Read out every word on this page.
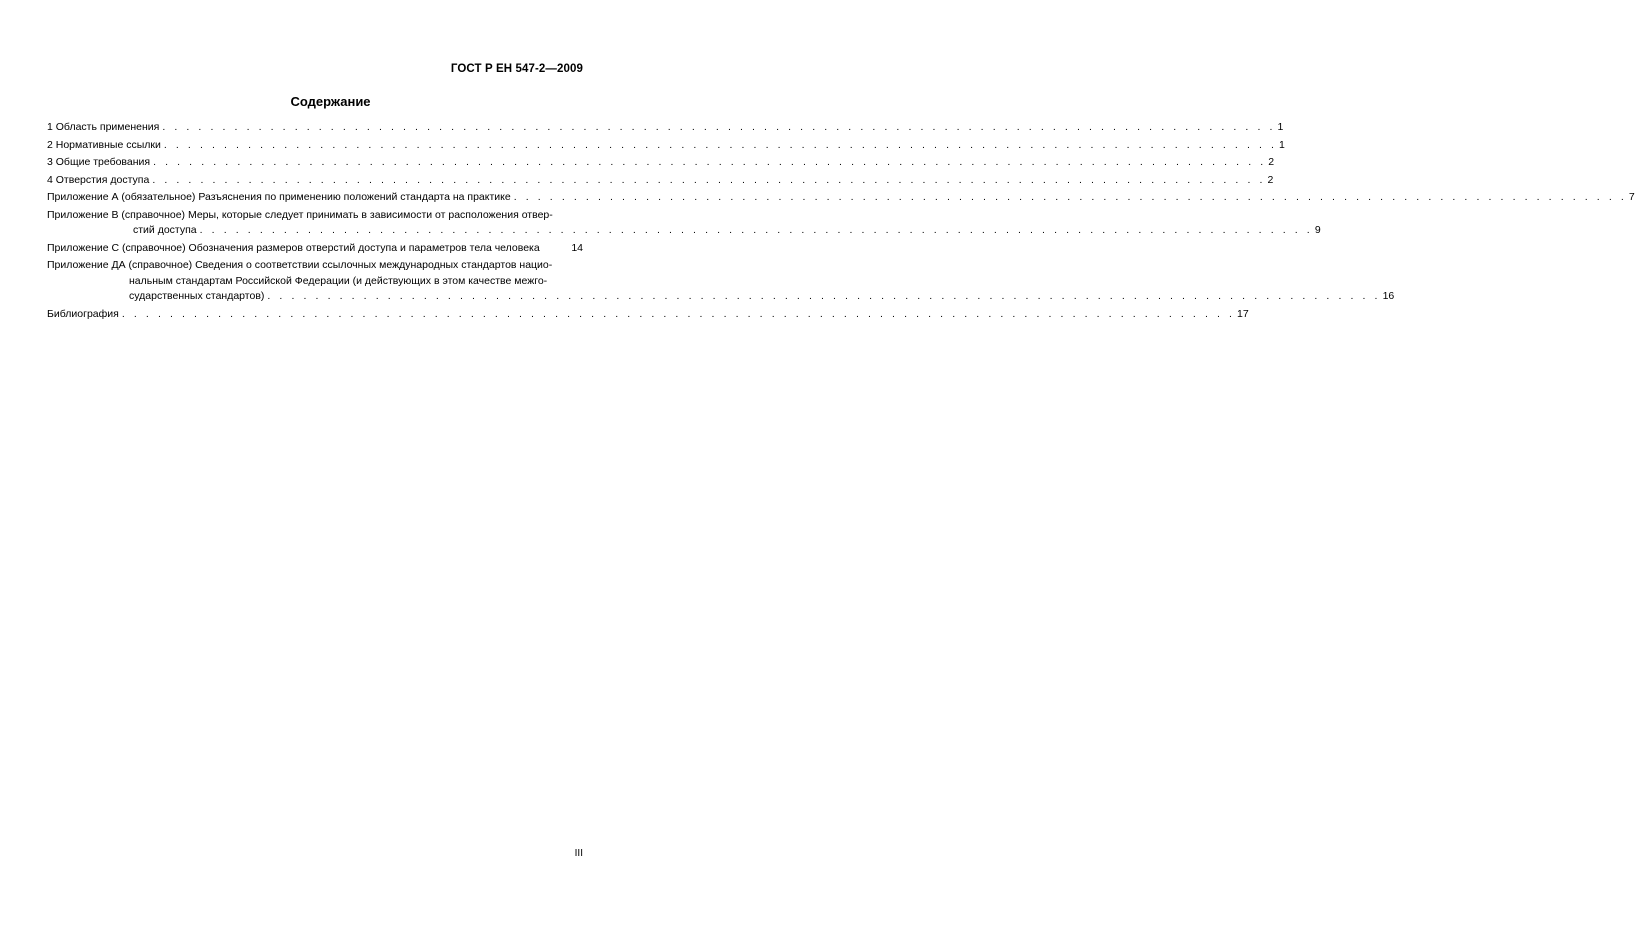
ГОСТ Р ЕН 547-2—2009
Содержание
1 Область применения . . . . . . . . . . . . . . . . . . . . . . . . . . . . . . . . . . . . . . . . . . . . . . . . . . . . . . . . . . . . . . . . . . . . . . . . . . . . . . . . . . . . . . . . . . . . . 1
2 Нормативные ссылки . . . . . . . . . . . . . . . . . . . . . . . . . . . . . . . . . . . . . . . . . . . . . . . . . . . . . . . . . . . . . . . . . . . . . . . . . . . . . . . . . . . . . . . . . . . . . 1
3 Общие требования . . . . . . . . . . . . . . . . . . . . . . . . . . . . . . . . . . . . . . . . . . . . . . . . . . . . . . . . . . . . . . . . . . . . . . . . . . . . . . . . . . . . . . . . . . . . . 2
4 Отверстия доступа . . . . . . . . . . . . . . . . . . . . . . . . . . . . . . . . . . . . . . . . . . . . . . . . . . . . . . . . . . . . . . . . . . . . . . . . . . . . . . . . . . . . . . . . . . . . . 2
Приложение А (обязательное) Разъяснения по применению положений стандарта на практике . . . . . . . . . . . . . . . . . . . . . . . . . . . . . . . . . . . . . . . . . . . . . . . . . . . . . . . . . . . . . . . . . . . . . . . . . . . . . . . . . . . . . . . . . . . . . 7
Приложение В (справочное) Меры, которые следует принимать в зависимости от расположения отвер-
стий доступа . . . . . . . . . . . . . . . . . . . . . . . . . . . . . . . . . . . . . . . . . . . . . . . . . . . . . . . . . . . . . . . . . . . . . . . . . . . . . . . . . . . . . . . . . . . . . 9
Приложение С (справочное) Обозначения размеров отверстий доступа и параметров тела человека	14
Приложение ДА (справочное) Сведения о соответствии ссылочных международных стандартов нацио-
нальным стандартам Российской Федерации (и действующих в этом качестве межго-
сударственных стандартов) . . . . . . . . . . . . . . . . . . . . . . . . . . . . . . . . . . . . . . . . . . . . . . . . . . . . . . . . . . . . . . . . . . . . . . . . . . . . . . . . . . . . . . . . . . . . . 16
Библиография . . . . . . . . . . . . . . . . . . . . . . . . . . . . . . . . . . . . . . . . . . . . . . . . . . . . . . . . . . . . . . . . . . . . . . . . . . . . . . . . . . . . . . . . . . . . . 17
III
